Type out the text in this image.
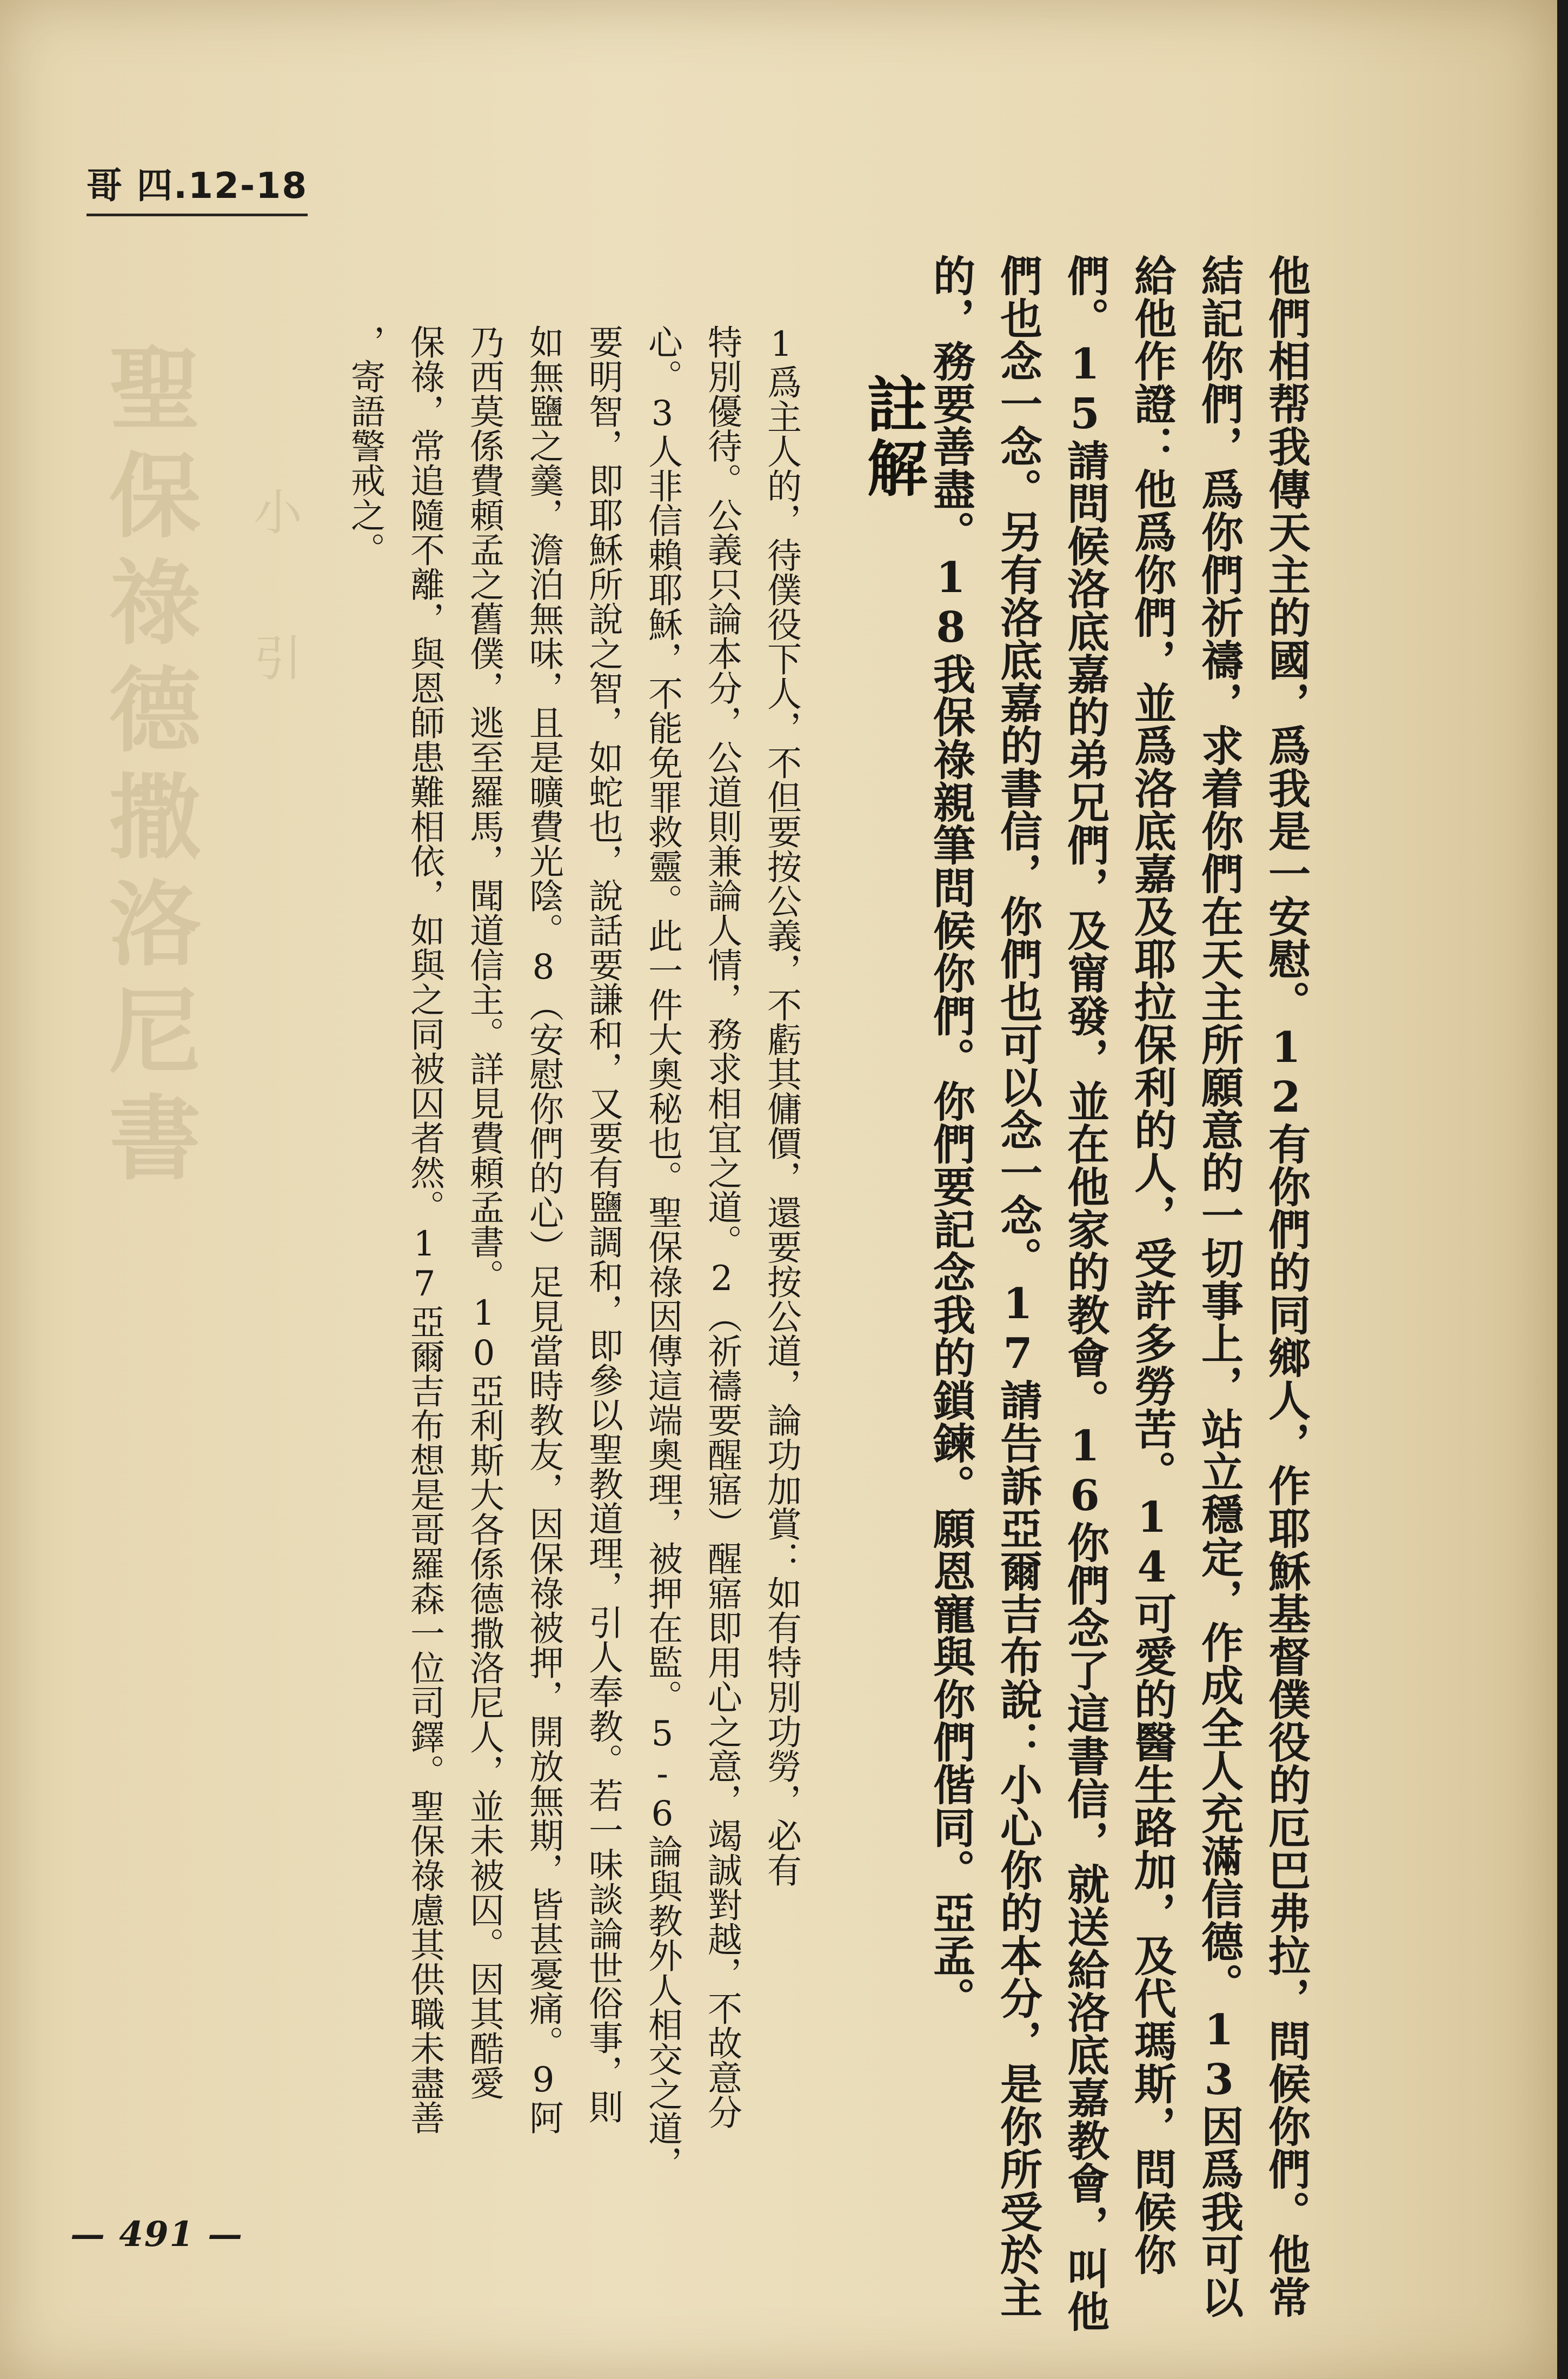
聖保祿德撒洛尼書 小引
哥 四.12-18
他們相帮我傳天主的國，爲我是一安慰。12有你們的同鄉人，作耶穌基督僕役的厄巴弗拉，問候你們。他常
結記你們，爲你們祈禱，求着你們在天主所願意的一切事上，站立穩定，作成全人充滿信德。13因爲我可以
給他作證：他爲你們，並爲洛底嘉及耶拉保利的人，受許多勞苦。14可愛的醫生路加，及代瑪斯，問候你
們。15請問候洛底嘉的弟兄們，及甯發，並在他家的教會。16你們念了這書信，就送給洛底嘉教會，叫他
們也念一念。另有洛底嘉的書信，你們也可以念一念。17請告訴亞爾吉布說：小心你的本分，是你所受於主
的，務要善盡。18我保祿親筆問候你們。你們要記念我的鎖鍊。願恩寵與你們偕同。亞孟。
註解
1爲主人的，待僕役下人，不但要按公義，不虧其傭價，還要按公道，論功加賞：如有特別功勞，必有
特別優待。公義只論本分，公道則兼論人情，務求相宜之道。2（祈禱要醒寤）醒寤即用心之意，竭誠對越，不故意分
心。3人非信賴耶穌，不能免罪救靈。此一件大奧秘也。聖保祿因傳這端奧理，被押在監。5-6論與教外人相交之道，
要明智，即耶穌所說之智，如蛇也，說話要謙和，又要有鹽調和，即參以聖教道理，引人奉教。若一味談論世俗事，則
如無鹽之羹，澹泊無味，且是曠費光陰。8（安慰你們的心）足見當時教友，因保祿被押，開放無期，皆甚憂痛。9阿
乃西莫係費頼孟之舊僕，逃至羅馬，聞道信主。詳見費頼孟書。10亞利斯大各係德撒洛尼人，並未被囚。因其酷愛
保祿，常追隨不離，與恩師患難相依，如與之同被囚者然。17亞爾吉布想是哥羅森一位司鐸。聖保祿慮其供職未盡善
，寄語警戒之。
— 491 —
